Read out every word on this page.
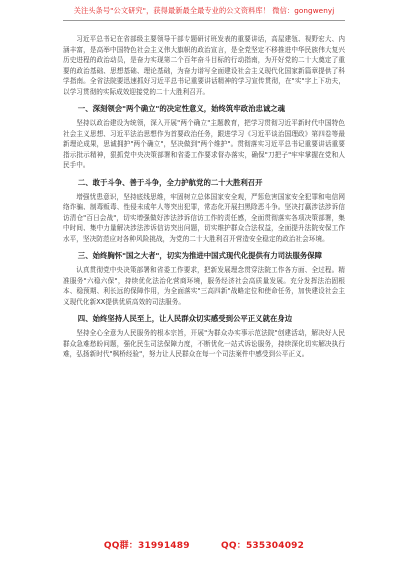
关注头条号"公文研究"，获得最新最全最专业的公文资料库！ 微信：gongwenyj

习近平总书记在省部级主要领导干部专题研讨班发表的重要讲话，高屋建瓴、视野宏大、内涵丰富，是高举中国特色社会主义伟大旗帜的政治宣言，是全党坚定不移推进中华民族伟大复兴历史进程的政治动员，是奋力实现第二个百年奋斗目标的行动指南，为开好党的二十大奠定了重要的政治基础、思想基础、理论基础，为奋力谱写全面建设社会主义现代化国家新篇章提供了科学指南。全省法院要迅速抓好习近平总书记重要讲话精神的学习宣传贯彻，在"实"字上下功夫，以学习贯彻的实际成效迎接党的二十大胜利召开。

一、深刻领会"两个确立"的决定性意义，始终筑牢政治忠诚之魂

坚持以政治建设为统领，深入开展"两个确立"主题教育，把学习贯彻习近平新时代中国特色社会主义思想、习近平法治思想作为首要政治任务，跟进学习《习近平谈治国理政》第四卷等最新理论成果，思诚拥护"两个确立"，坚决做到"两个维护"。贯彻落实习近平总书记重要讲话重要指示批示精神，狠抓党中央决策部署和省委工作要求督办落实，确保"刀把子"牢牢掌握在党和人民手中。

二、敢于斗争、善于斗争，全力护航党的二十大胜利召开

增强忧患意识，坚持底线思维，牢固树立总体国家安全观，严惩危害国家安全犯罪和电信网络诈骗、制毒贩毒、性侵未成年人等突出犯罪，常态化开展扫黑除恶斗争。坚决打赢涉法涉诉信访清仓"百日会战"，切实增强做好涉法涉诉信访工作的责任感，全面贯彻落实各项决策部署，集中时间、集中力量解决涉法涉诉信访突出问题，切实维护群众合法权益，全面提升法院安保工作水平，坚决防范应对各种风险挑战，为党的二十大胜利召开营造安全稳定的政治社会环境。

三、始终胸怀"国之大者"，切实为推进中国式现代化提供有力司法服务保障

认真贯彻党中央决策部署和省委工作要求，把新发展理念贯穿法院工作各方面、全过程。精准服务"六稳六保"，持续优化法治化营商环境，服务经济社会高质量发展。充分发挥法治固根本、稳预期、利长远的保障作用，为全面落实"三高四新"战略定位和使命任务，加快建设社会主义现代化新XX提供优质高效的司法服务。

四、始终坚持人民至上，让人民群众切实感受到公平正义就在身边

坚持全心全意为人民服务的根本宗旨，开展"为群众办实事示范法院"创建活动，解决好人民群众急难愁盼问题，强化民生司法保障力度，不断优化一站式诉讼服务，持续深化切实解决执行难，弘扬新时代"枫桥经验"，努力让人民群众在每一个司法案件中感受到公平正义。

QQ群：31991489	QQ：535304092
